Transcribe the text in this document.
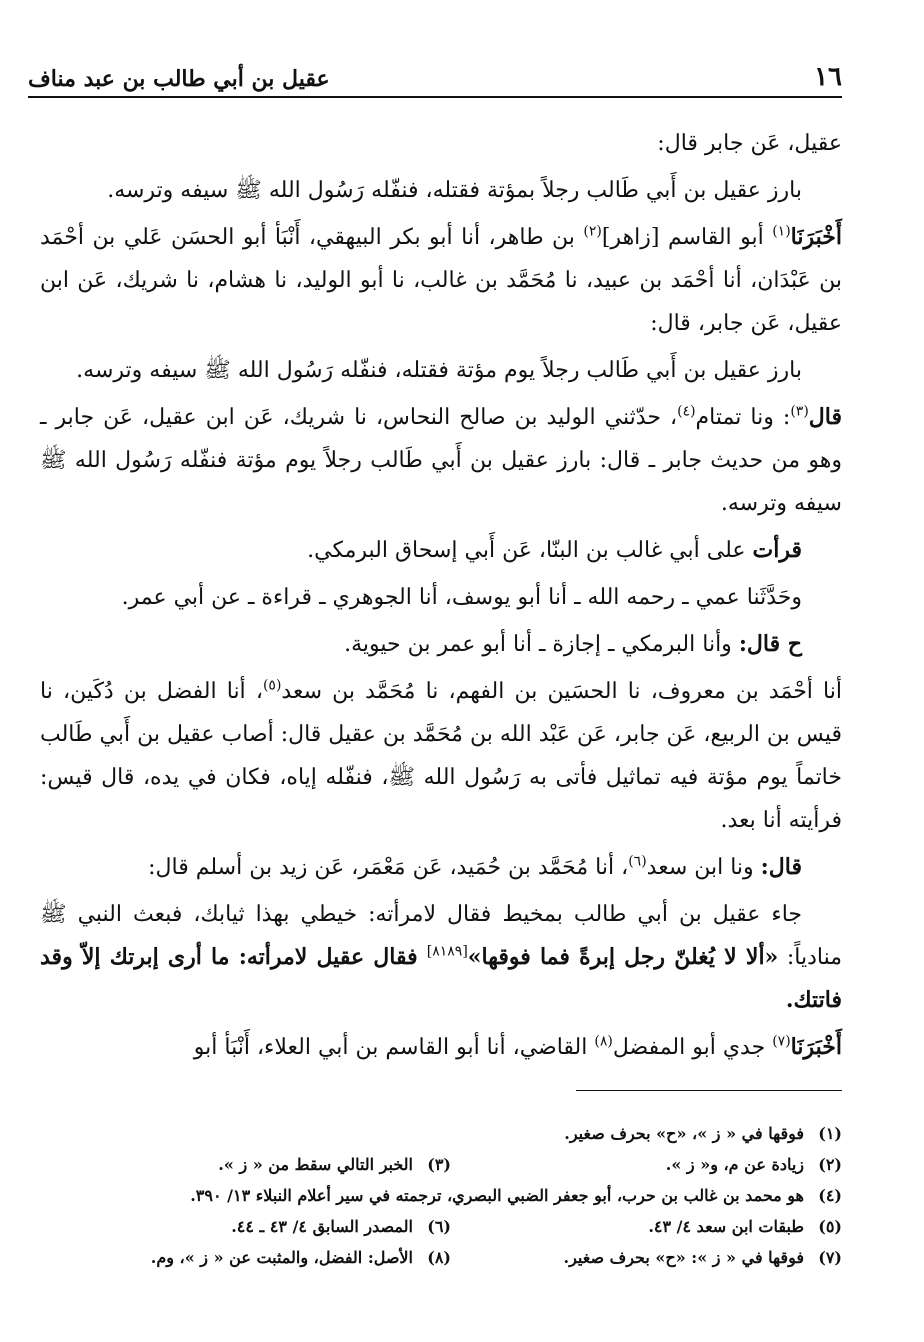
١٦
عقيل بن أبي طالب بن عبد مناف

عقيل، عَن جابر قال:

بارز عقيل بن أَبي طَالب رجلاً بمؤتة فقتله، فنفّله رَسُول الله ﷺ سيفه وترسه.

أَخْبَرَنَا$^{(١)}$ أبو القاسم [زاهر]$^{(٢)}$ بن طاهر، أنا أبو بكر البيهقي، أَنْبَأ أبو الحسَن عَلي بن أحْمَد بن عَبْدَان، أنا أحْمَد بن عبيد، نا مُحَمَّد بن غالب، نا أبو الوليد، نا هشام، نا شريك، عَن ابن عقيل، عَن جابر، قال:

بارز عقيل بن أَبي طَالب رجلاً يوم مؤتة فقتله، فنفّله رَسُول الله ﷺ سيفه وترسه.

قال$^{(٣)}$: ونا تمتام$^{(٤)}$، حدّثني الوليد بن صالح النحاس، نا شريك، عَن ابن عقيل، عَن جابر ـ وهو من حديث جابر ـ قال: بارز عقيل بن أَبي طَالب رجلاً يوم مؤتة فنفّله رَسُول الله ﷺ سيفه وترسه.

قرأت على أبي غالب بن البنّا، عَن أَبي إسحاق البرمكي.

وحَدَّثَنا عمي ـ رحمه الله ـ أنا أبو يوسف، أنا الجوهري ـ قراءة ـ عن أبي عمر.

ح قال: وأنا البرمكي ـ إجازة ـ أنا أبو عمر بن حيوية.

أنا أحْمَد بن معروف، نا الحسَين بن الفهم، نا مُحَمَّد بن سعد$^{(٥)}$، أنا الفضل بن دُكَين، نا قيس بن الربيع، عَن جابر، عَن عَبْد الله بن مُحَمَّد بن عقيل قال: أصاب عقيل بن أَبي طَالب خاتماً يوم مؤتة فيه تماثيل فأتى به رَسُول الله ﷺ، فنفّله إياه، فكان في يده، قال قيس: فرأيته أنا بعد.

قال: ونا ابن سعد$^{(٦)}$، أنا مُحَمَّد بن حُمَيد، عَن مَعْمَر، عَن زيد بن أسلم قال:

جاء عقيل بن أبي طالب بمخيط فقال لامرأته: خيطي بهذا ثيابك، فبعث النبي ﷺ منادياً: «ألا لا يُغلنّ رجل إبرةً فما فوقها»[٨١٨٩] فقال عقيل لامرأته: ما أرى إبرتك إلاّ وقد فاتتك.

أَخْبَرَنَا$^{(٧)}$ جدي أبو المفضل$^{(٨)}$ القاضي، أنا أبو القاسم بن أبي العلاء، أَنْبَأ أبو

(١)فوقها في « ز »، «ح» بحرف صغير.
(٢)زيادة عن م، و« ز ».
(٣)الخبر التالي سقط من « ز ».
(٤)هو محمد بن غالب بن حرب، أبو جعفر الضبي البصري، ترجمته في سير أعلام النبلاء ١٣/ ٣٩٠.
(٥)طبقات ابن سعد ٤/ ٤٣.
(٦)المصدر السابق ٤/ ٤٣ ـ ٤٤.
(٧)فوقها في « ز »: «ح» بحرف صغير.
(٨)الأصل: الفضل، والمثبت عن « ز »، وم.
